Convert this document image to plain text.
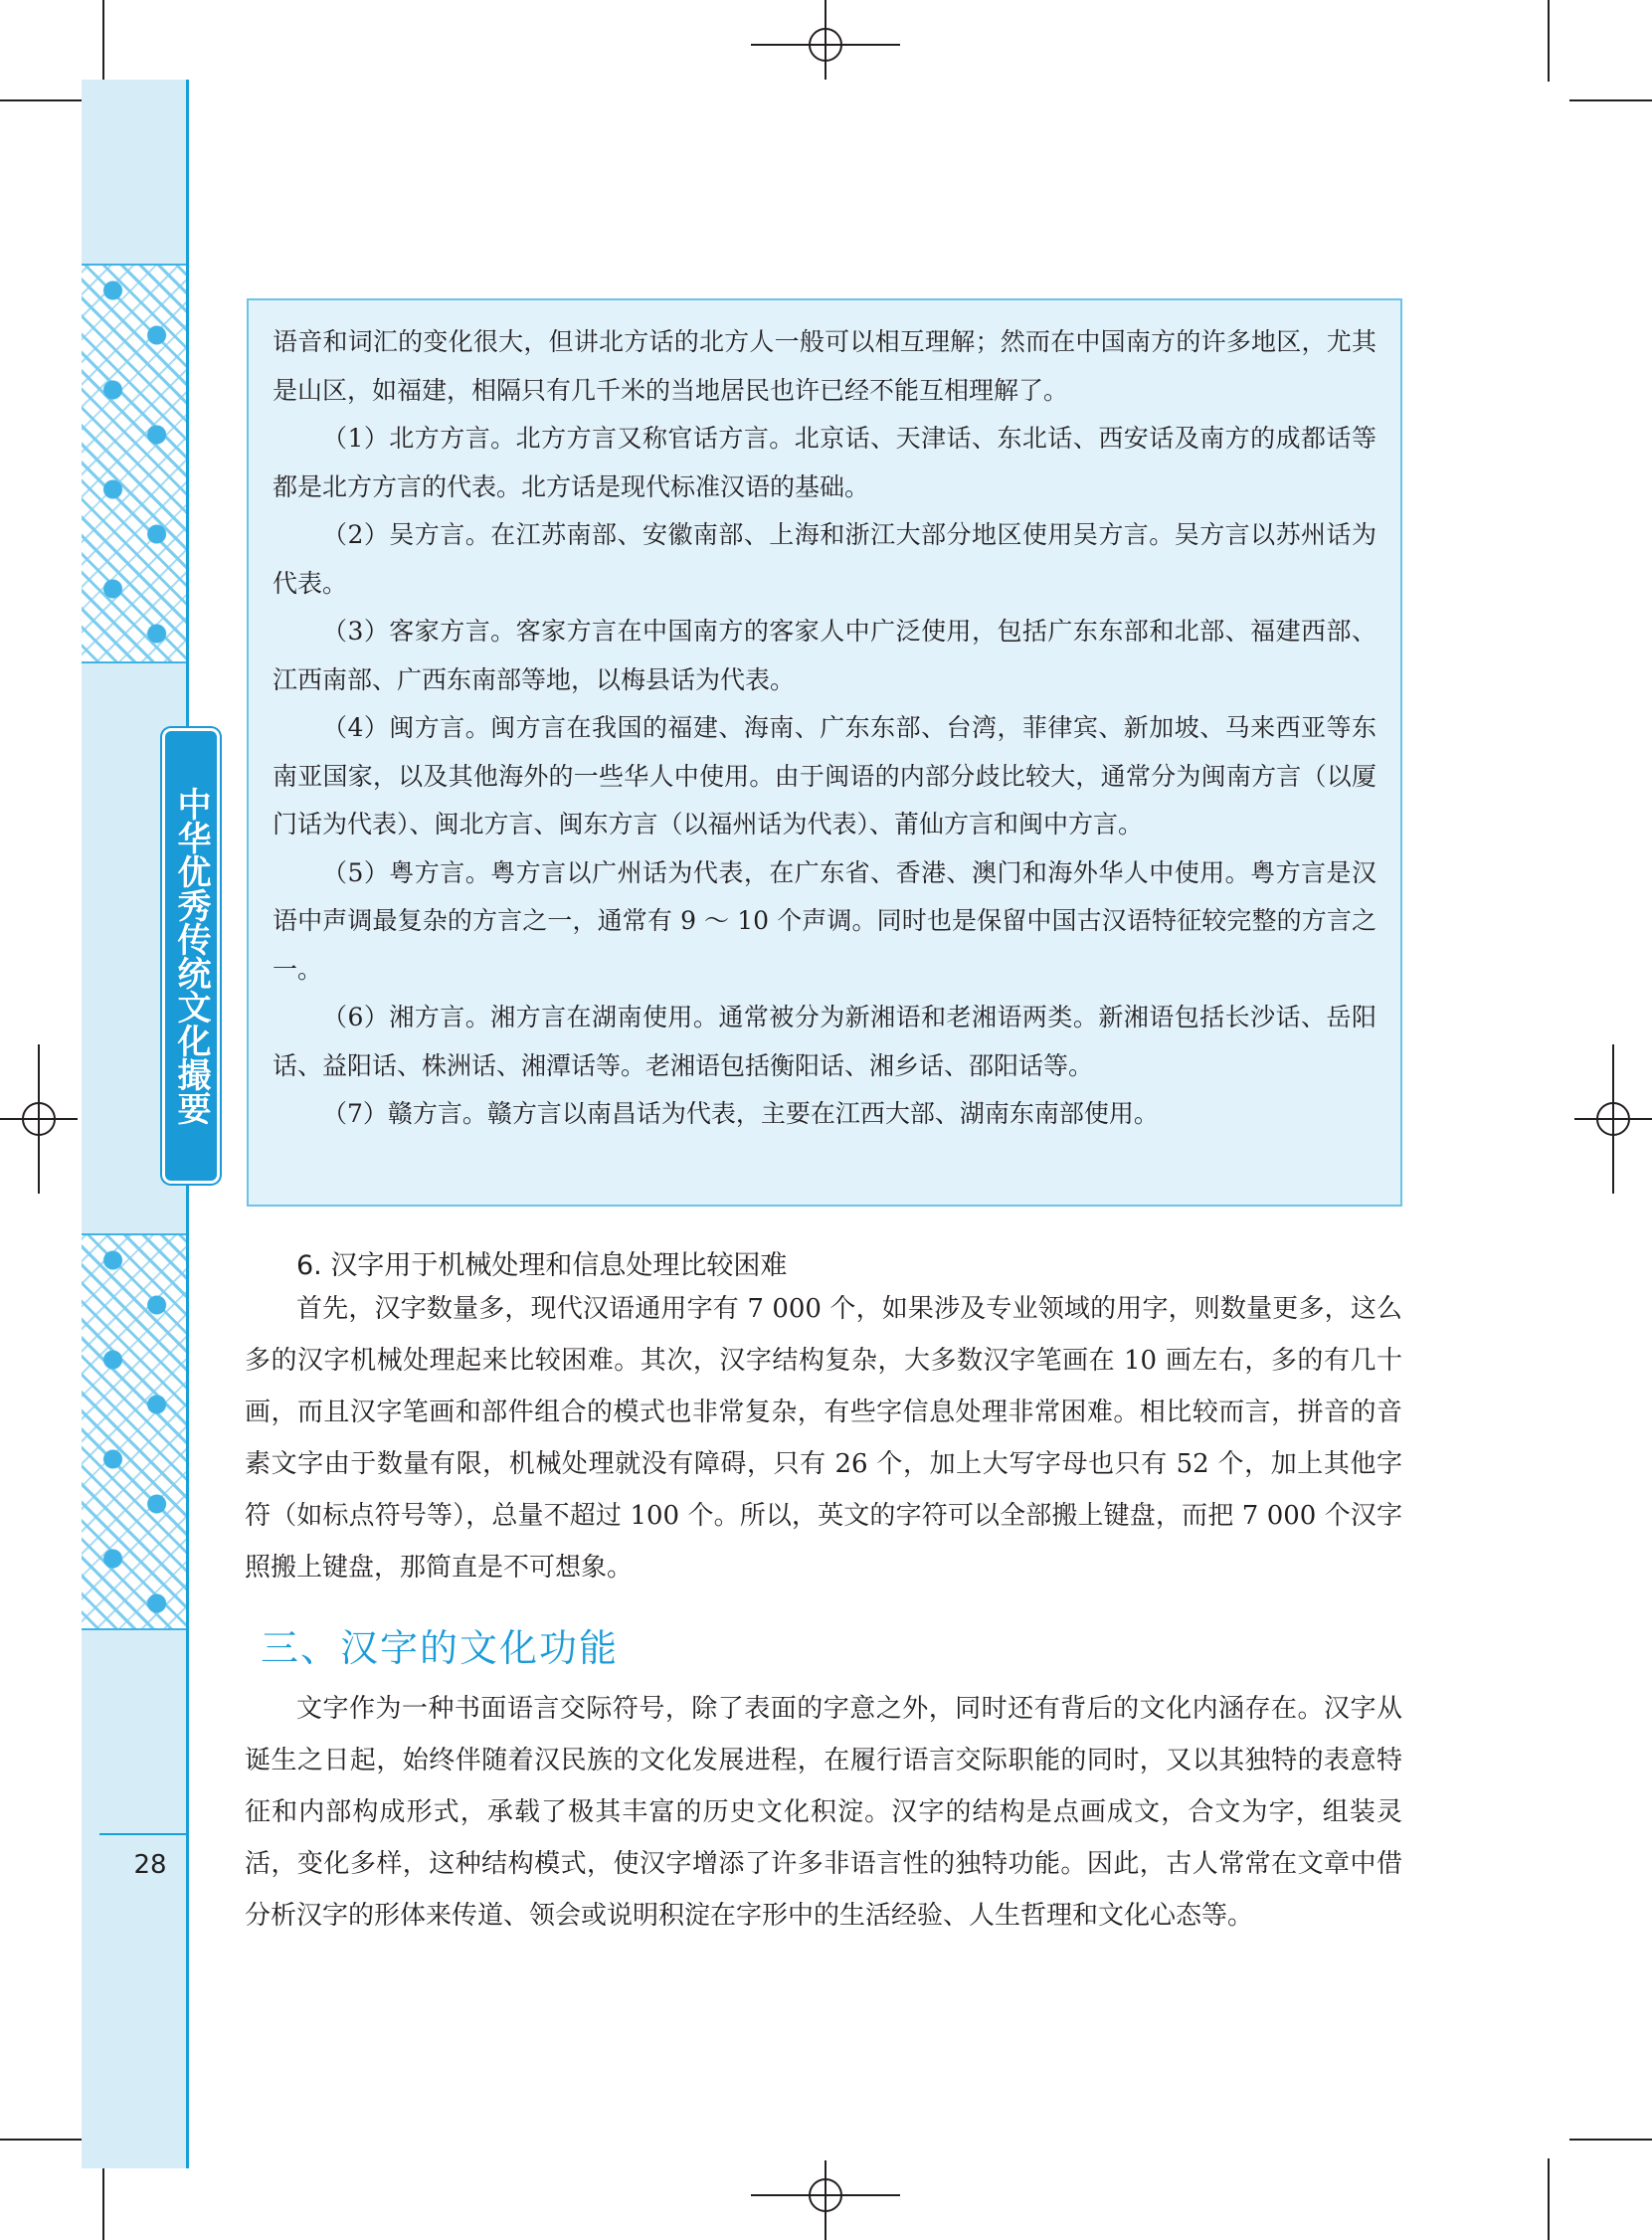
中华优秀传统文化撮要
28

语音和词汇的变化很大，但讲北方话的北方人一般可以相互理解；然而在中国南方的许多地区，尤其是山区，如福建，相隔只有几千米的当地居民也许已经不能互相理解了。

（1）北方方言。北方方言又称官话方言。北京话、天津话、东北话、西安话及南方的成都话等都是北方方言的代表。北方话是现代标准汉语的基础。

（2）吴方言。在江苏南部、安徽南部、上海和浙江大部分地区使用吴方言。吴方言以苏州话为代表。

（3）客家方言。客家方言在中国南方的客家人中广泛使用，包括广东东部和北部、福建西部、江西南部、广西东南部等地，以梅县话为代表。

（4）闽方言。闽方言在我国的福建、海南、广东东部、台湾，菲律宾、新加坡、马来西亚等东南亚国家，以及其他海外的一些华人中使用。由于闽语的内部分歧比较大，通常分为闽南方言（以厦门话为代表）、闽北方言、闽东方言（以福州话为代表）、莆仙方言和闽中方言。

（5）粤方言。粤方言以广州话为代表，在广东省、香港、澳门和海外华人中使用。粤方言是汉语中声调最复杂的方言之一，通常有 9 ～ 10 个声调。同时也是保留中国古汉语特征较完整的方言之一。

（6）湘方言。湘方言在湖南使用。通常被分为新湘语和老湘语两类。新湘语包括长沙话、岳阳话、益阳话、株洲话、湘潭话等。老湘语包括衡阳话、湘乡话、邵阳话等。

（7）赣方言。赣方言以南昌话为代表，主要在江西大部、湖南东南部使用。

6. 汉字用于机械处理和信息处理比较困难

首先，汉字数量多，现代汉语通用字有 7 000 个，如果涉及专业领域的用字，则数量更多，这么多的汉字机械处理起来比较困难。其次，汉字结构复杂，大多数汉字笔画在 10 画左右，多的有几十画，而且汉字笔画和部件组合的模式也非常复杂，有些字信息处理非常困难。相比较而言，拼音的音素文字由于数量有限，机械处理就没有障碍，只有 26 个，加上大写字母也只有 52 个，加上其他字符（如标点符号等），总量不超过 100 个。所以，英文的字符可以全部搬上键盘，而把 7 000 个汉字照搬上键盘，那简直是不可想象。

三、汉字的文化功能

文字作为一种书面语言交际符号，除了表面的字意之外，同时还有背后的文化内涵存在。汉字从诞生之日起，始终伴随着汉民族的文化发展进程，在履行语言交际职能的同时，又以其独特的表意特征和内部构成形式，承载了极其丰富的历史文化积淀。汉字的结构是点画成文，合文为字，组装灵活，变化多样，这种结构模式，使汉字增添了许多非语言性的独特功能。因此，古人常常在文章中借分析汉字的形体来传道、领会或说明积淀在字形中的生活经验、人生哲理和文化心态等。
